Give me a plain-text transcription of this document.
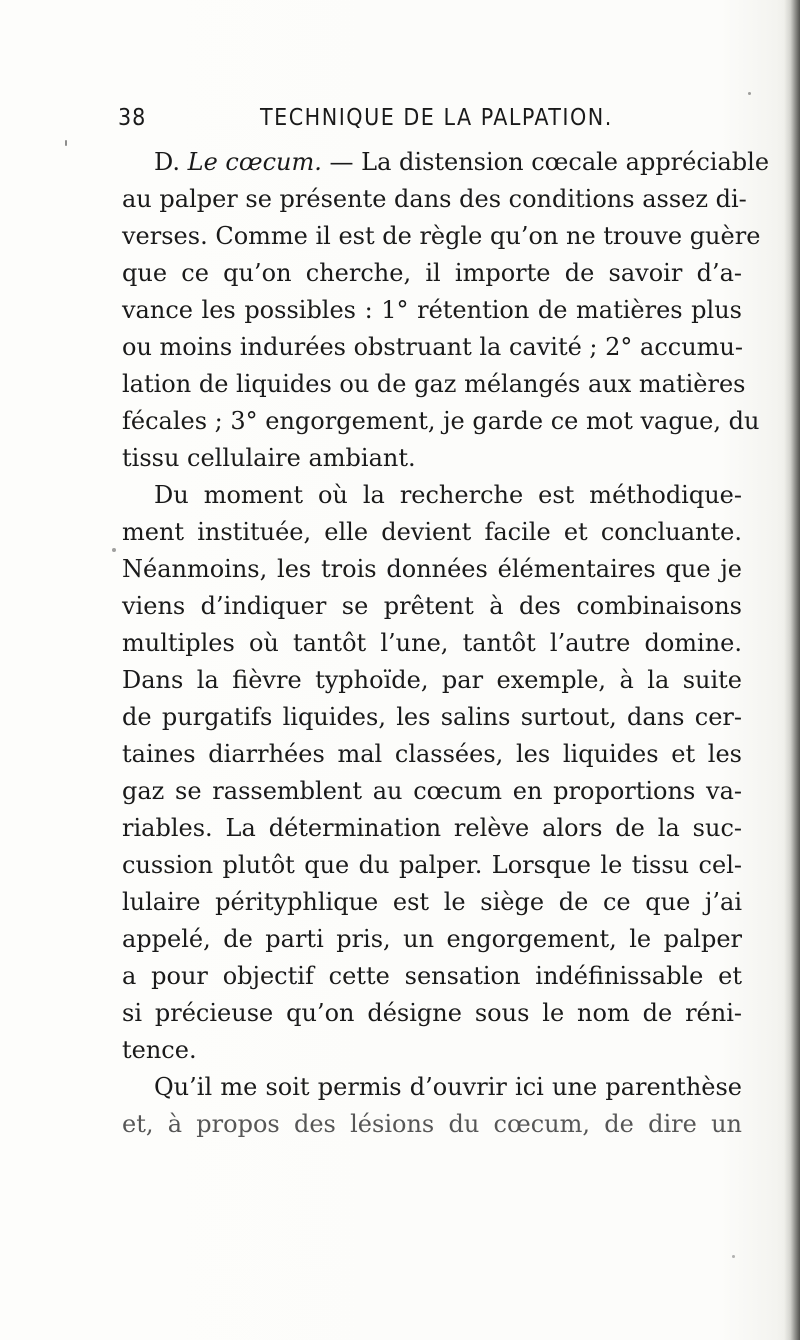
38	TECHNIQUE DE LA PALPATION.
D. Le cœcum. — La distension cœcale appréciable
au palper se présente dans des conditions assez di-
verses. Comme il est de règle qu’on ne trouve guère
que ce qu’on cherche, il importe de savoir d’a-
vance les possibles : 1° rétention de matières plus
ou moins indurées obstruant la cavité ; 2° accumu-
lation de liquides ou de gaz mélangés aux matières
fécales ; 3° engorgement, je garde ce mot vague, du
tissu cellulaire ambiant.
Du moment où la recherche est méthodique-
ment instituée, elle devient facile et concluante.
Néanmoins, les trois données élémentaires que je
viens d’indiquer se prêtent à des combinaisons
multiples où tantôt l’une, tantôt l’autre domine.
Dans la fièvre typhoïde, par exemple, à la suite
de purgatifs liquides, les salins surtout, dans cer-
taines diarrhées mal classées, les liquides et les
gaz se rassemblent au cœcum en proportions va-
riables. La détermination relève alors de la suc-
cussion plutôt que du palper. Lorsque le tissu cel-
lulaire pérityphlique est le siège de ce que j’ai
appelé, de parti pris, un engorgement, le palper
a pour objectif cette sensation indéfinissable et
si précieuse qu’on désigne sous le nom de réni-
tence.
Qu’il me soit permis d’ouvrir ici une parenthèse
et, à propos des lésions du cœcum, de dire un
